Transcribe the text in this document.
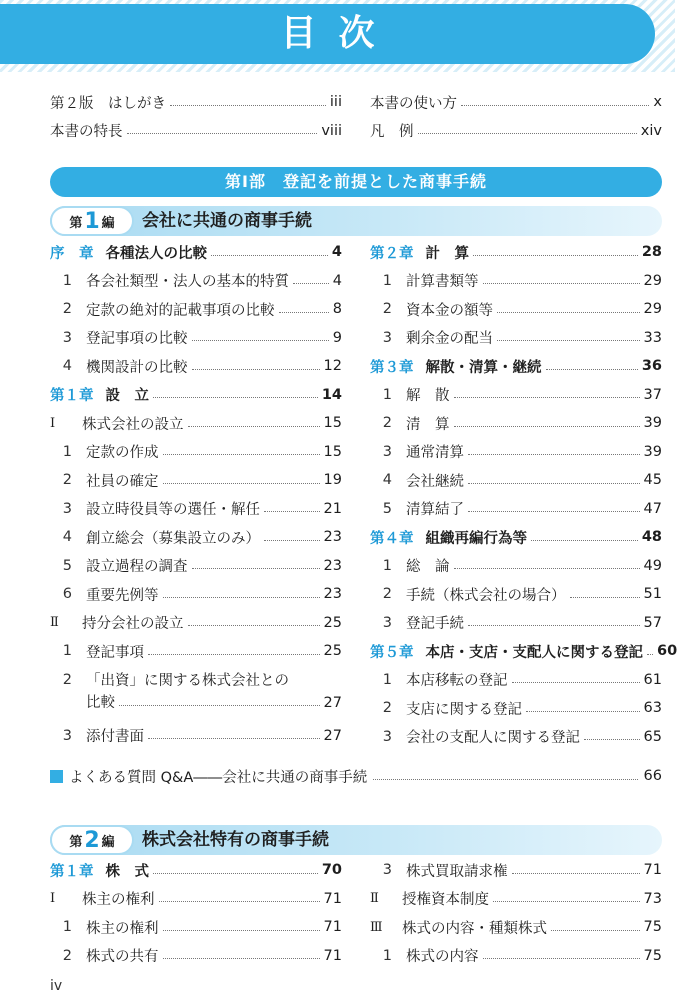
目次
第２版　はしがき	iii
本書の特長	viii
本書の使い方	x
凡　例	xiv
第Ⅰ部　登記を前提とした商事手続
第 1 編 会社に共通の商事手続
序　章 各種法人の比較	4
1 各会社類型・法人の基本的特質	4
2 定款の絶対的記載事項の比較	8
3 登記事項の比較	9
4 機関設計の比較	12
第１章 設　立	14
Ⅰ	株式会社の設立	15
1 定款の作成	15
2 社員の確定	19
3 設立時役員等の選任・解任	21
4 創立総会（募集設立のみ）	23
5 設立過程の調査	23
6 重要先例等	23
Ⅱ	持分会社の設立	25
1 登記事項	25
2 「出資」に関する株式会社との
比較	27
3 添付書面	27
第２章 計　算	28
1 計算書類等	29
2 資本金の額等	29
3 剰余金の配当	33
第３章 解散・清算・継続	36
1 解　散	37
2 清　算	39
3 通常清算	39
4 会社継続	45
5 清算結了	47
第４章 組織再編行為等	48
1 総　論	49
2 手続（株式会社の場合）	51
3 登記手続	57
第５章 本店・支店・支配人に関する登記 60
1 本店移転の登記	61
2 支店に関する登記	63
3 会社の支配人に関する登記	65
よくある質問 Q&A――会社に共通の商事手続	66
第 2 編 株式会社特有の商事手続
第１章 株　式	70
Ⅰ	株主の権利	71
1 株主の権利	71
2 株式の共有	71
3 株式買取請求権	71
Ⅱ	授権資本制度	73
Ⅲ	株式の内容・種類株式	75
1 株式の内容	75
iv
